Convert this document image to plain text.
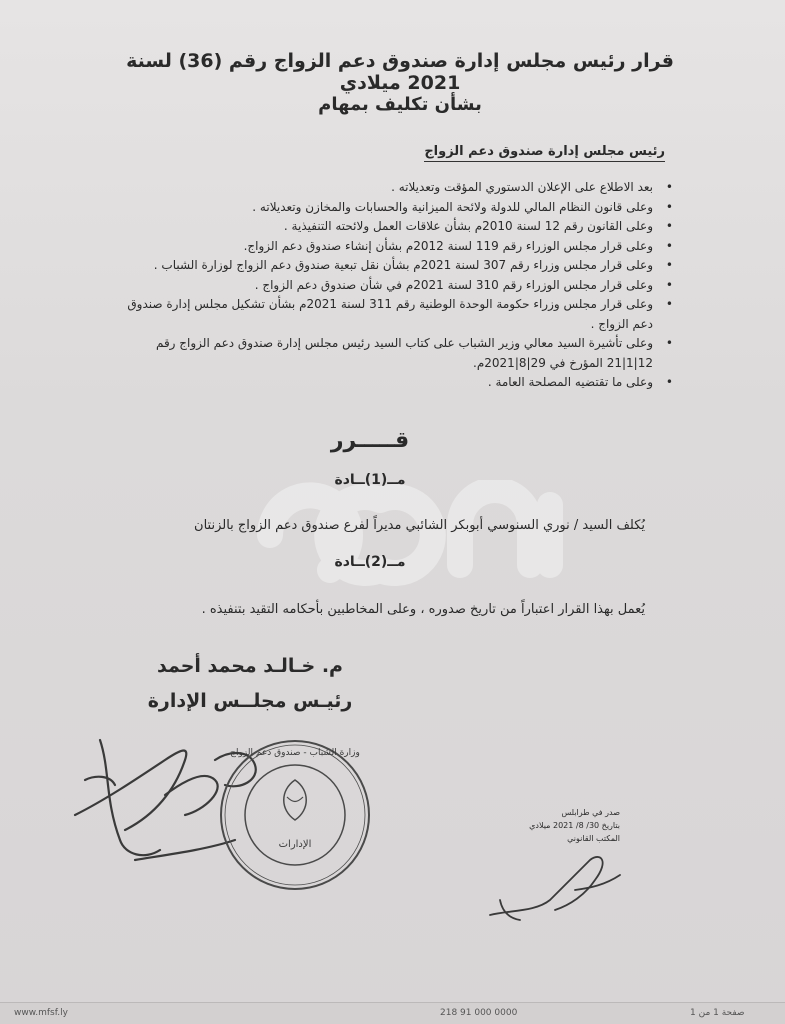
قرار رئيس مجلس إدارة صندوق دعم الزواج رقم (36) لسنة 2021 ميلادي
بشأن تكليف بمهام
رئيس مجلس إدارة صندوق دعم الزواج
• بعد الاطلاع على الإعلان الدستوري المؤقت وتعديلاته .
• وعلى قانون النظام المالي للدولة ولائحة الميزانية والحسابات والمخازن وتعديلاته .
• وعلى القانون رقم 12 لسنة 2010م بشأن علاقات العمل ولائحته التنفيذية .
• وعلى قرار مجلس الوزراء رقم 119 لسنة 2012م بشأن إنشاء صندوق دعم الزواج.
• وعلى قرار مجلس وزراء رقم 307 لسنة 2021م بشأن نقل تبعية صندوق دعم الزواج لوزارة الشباب .
• وعلى قرار مجلس الوزراء رقم 310 لسنة 2021م في شأن صندوق دعم الزواج .
• وعلى قرار مجلس وزراء حكومة الوحدة الوطنية رقم 311 لسنة 2021م بشأن تشكيل مجلس إدارة صندوق دعم الزواج .
• وعلى تأشيرة السيد معالي وزير الشباب على كتاب السيد رئيس مجلس إدارة صندوق دعم الزواج رقم 12|1|21 المؤرخ في 29|8|2021م.
• وعلى ما تقتضيه المصلحة العامة .
قـــــرر
مــ(1)ــادة
يُكلف السيد / نوري السنوسي أبوبكر الشائبي مديراً لفرع صندوق دعم الزواج بالزنتان
مــ(2)ــادة
يُعمل بهذا القرار اعتباراً من تاريخ صدوره ، وعلى المخاطبين بأحكامه التقيد بتنفيذه .
م. خـالـد محمد أحمد
رئيـس مجلــس الإدارة
الإدارات
وزارة الشباب - صندوق دعم الزواج
صدر في طرابلس
بتاريخ 30/ 8/ 2021 ميلادي
المكتب القانوني
www.mfsf.ly	218 91 000 0000	صفحة 1 من 1
